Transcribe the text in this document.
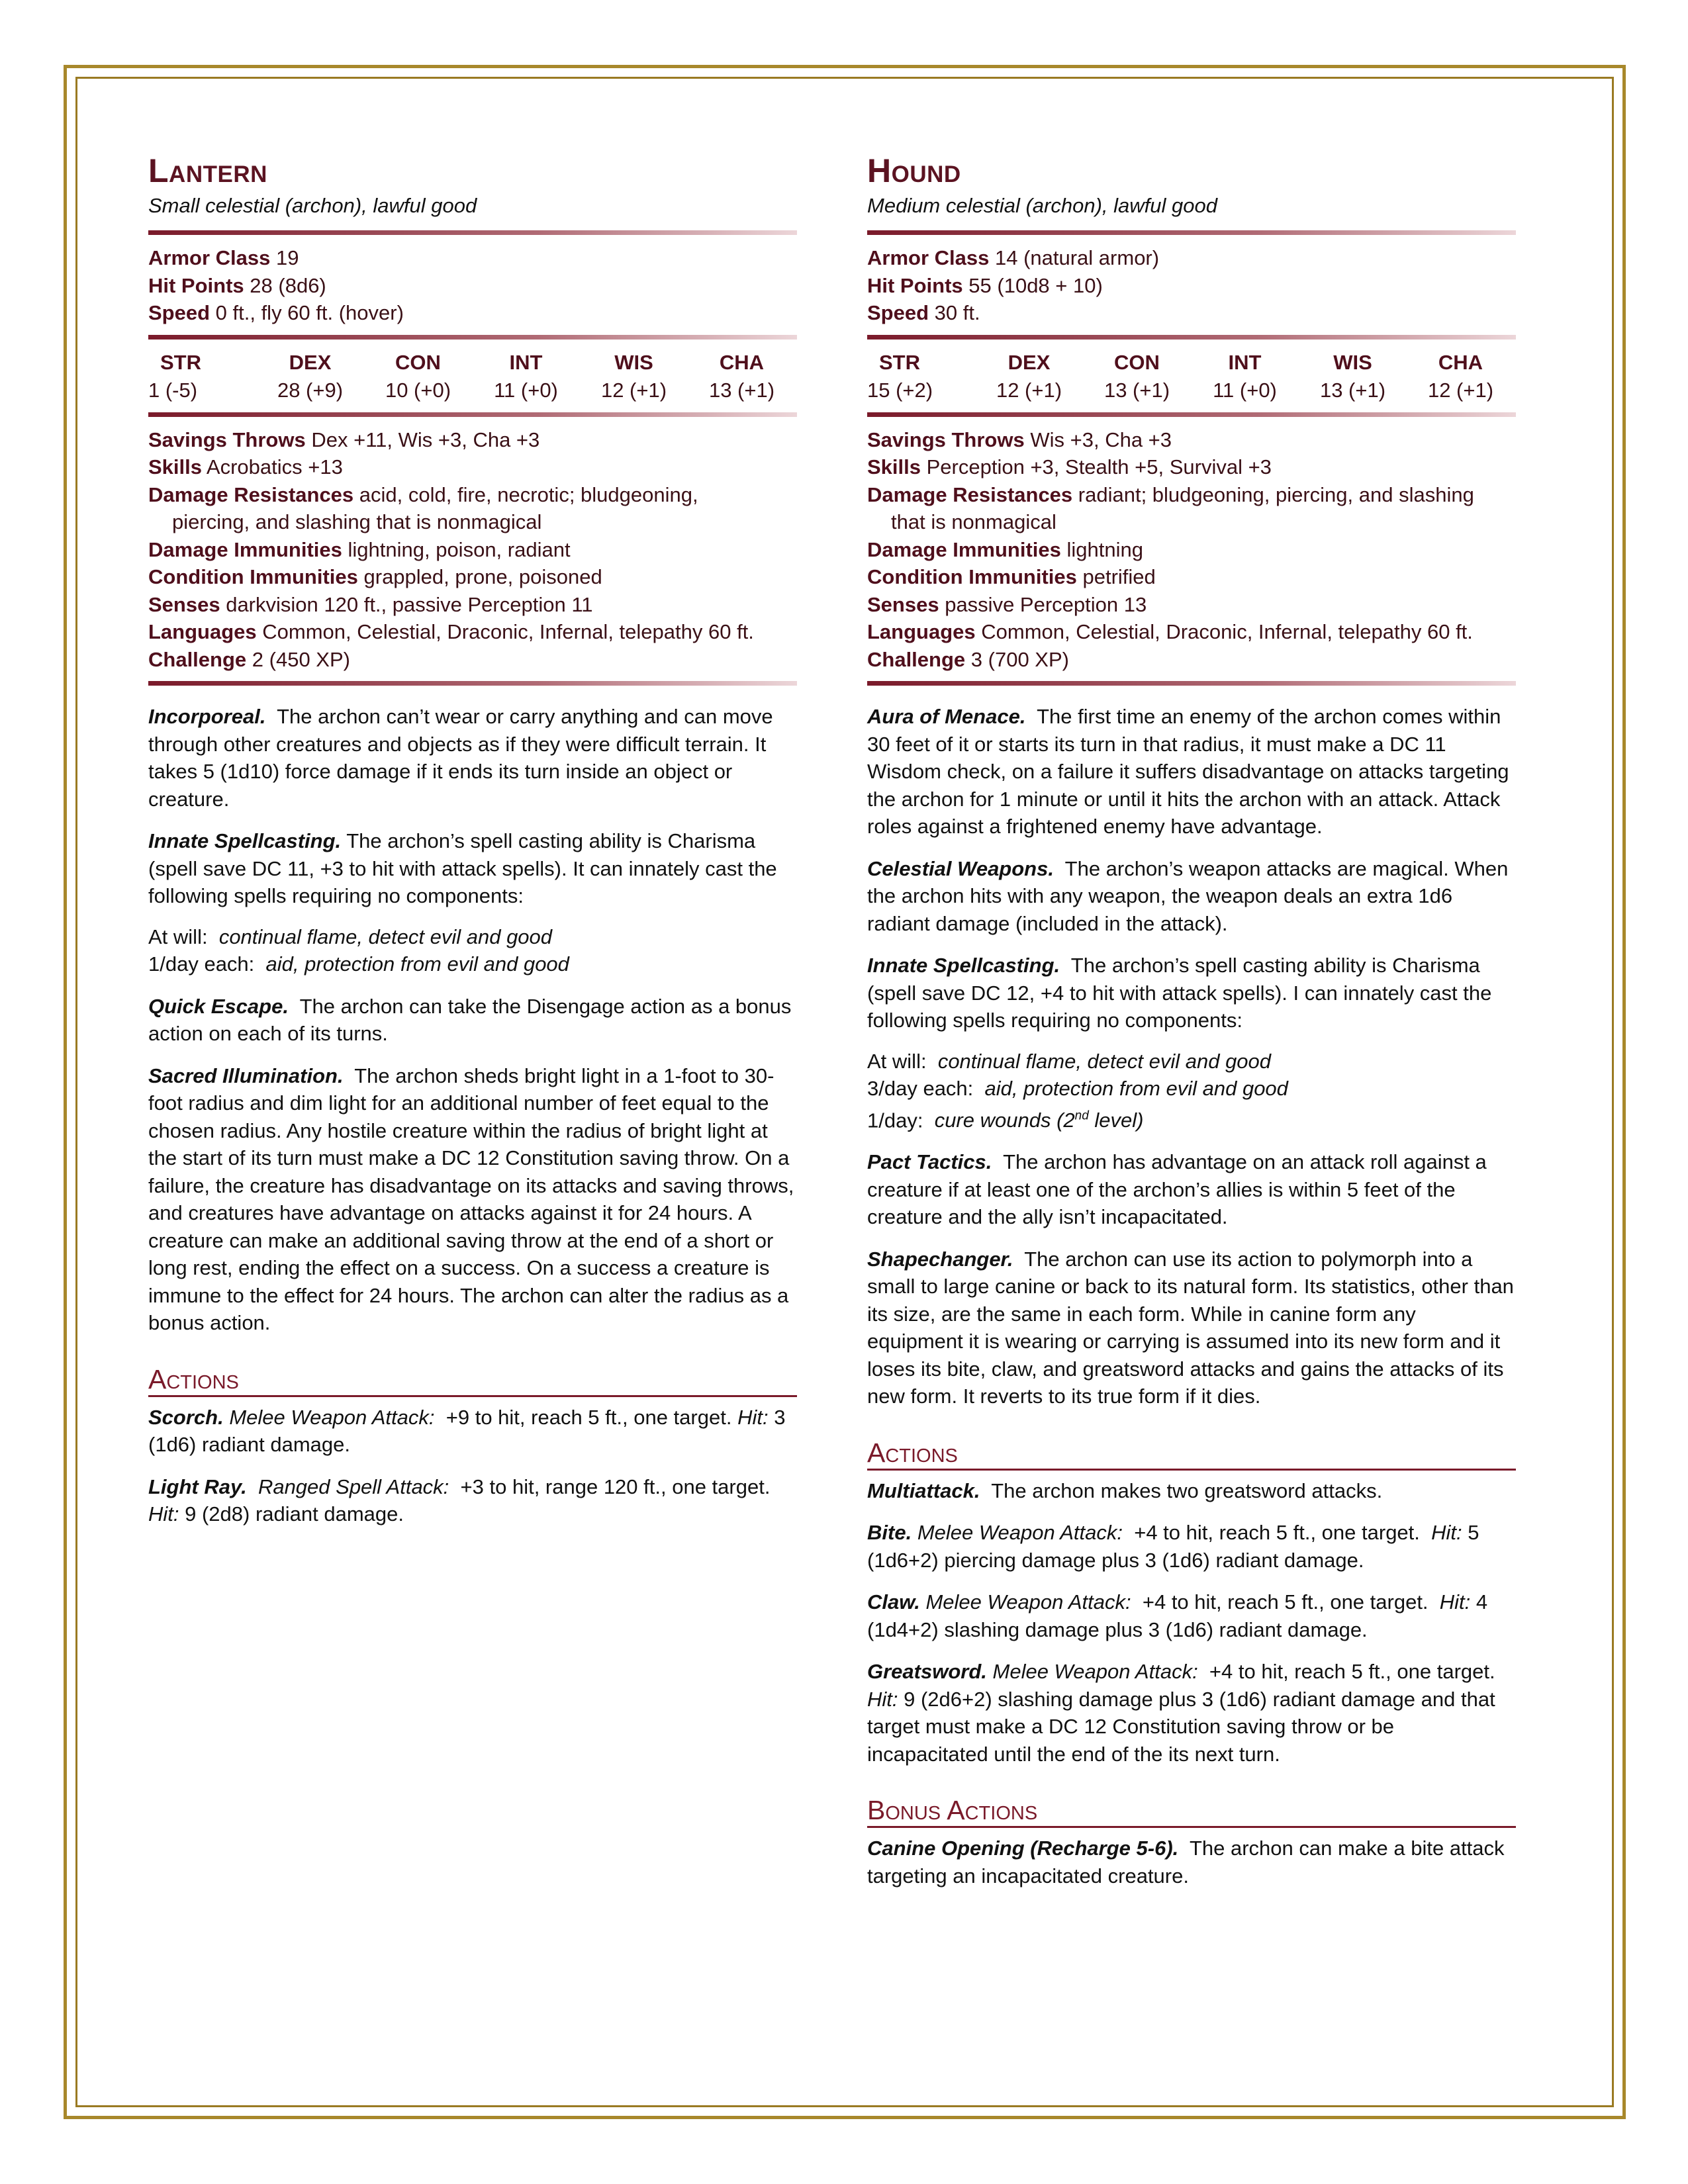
Lantern
Small celestial (archon), lawful good
Armor Class 19
Hit Points 28 (8d6)
Speed 0 ft., fly 60 ft. (hover)
STR
1 (-5)
DEX
28 (+9)
CON
10 (+0)
INT
11 (+0)
WIS
12 (+1)
CHA
13 (+1)
Savings Throws Dex +11, Wis +3, Cha +3
Skills Acrobatics +13
Damage Resistances acid, cold, fire, necrotic; bludgeoning,
piercing, and slashing that is nonmagical
Damage Immunities lightning, poison, radiant
Condition Immunities grappled, prone, poisoned
Senses darkvision 120 ft., passive Perception 11
Languages Common, Celestial, Draconic, Infernal, telepathy 60 ft.
Challenge 2 (450 XP)

Incorporeal. The archon can’t wear or carry anything and can move through other creatures and objects as if they were difficult terrain. It takes 5 (1d10) force damage if it ends its turn inside an object or creature.

Innate Spellcasting. The archon’s spell casting ability is Charisma (spell save DC 11, +3 to hit with attack spells). It can innately cast the following spells requiring no components:

At will: continual flame, detect evil and good
1/day each: aid, protection from evil and good

Quick Escape. The archon can take the Disengage action as a bonus action on each of its turns.

Sacred Illumination. The archon sheds bright light in a 1-foot to 30-foot radius and dim light for an additional number of feet equal to the chosen radius. Any hostile creature within the radius of bright light at the start of its turn must make a DC 12 Constitution saving throw. On a failure, the creature has disadvantage on its attacks and saving throws, and creatures have advantage on attacks against it for 24 hours. A creature can make an additional saving throw at the end of a short or long rest, ending the effect on a success. On a success a creature is immune to the effect for 24 hours. The archon can alter the radius as a bonus action.

Actions

Scorch. Melee Weapon Attack: +9 to hit, reach 5 ft., one target. Hit: 3 (1d6) radiant damage.

Light Ray. Ranged Spell Attack: +3 to hit, range 120 ft., one target.  Hit: 9 (2d8) radiant damage.

Hound
Medium celestial (archon), lawful good
Armor Class 14 (natural armor)
Hit Points 55 (10d8 + 10)
Speed 30 ft.
STR
15 (+2)
DEX
12 (+1)
CON
13 (+1)
INT
11 (+0)
WIS
13 (+1)
CHA
12 (+1)
Savings Throws Wis +3, Cha +3
Skills Perception +3, Stealth +5, Survival +3
Damage Resistances radiant; bludgeoning, piercing, and slashing
that is nonmagical
Damage Immunities lightning
Condition Immunities petrified
Senses passive Perception 13
Languages Common, Celestial, Draconic, Infernal, telepathy 60 ft.
Challenge 3 (700 XP)

Aura of Menace. The first time an enemy of the archon comes within 30 feet of it or starts its turn in that radius, it must make a DC 11 Wisdom check, on a failure it suffers disadvantage on attacks targeting the archon for 1 minute or until it hits the archon with an attack. Attack roles against a frightened enemy have advantage.

Celestial Weapons. The archon’s weapon attacks are magical. When the archon hits with any weapon, the weapon deals an extra 1d6 radiant damage (included in the attack).

Innate Spellcasting. The archon’s spell casting ability is Charisma (spell save DC 12, +4 to hit with attack spells). I can innately cast the following spells requiring no components:

At will: continual flame, detect evil and good
3/day each: aid, protection from evil and good
1/day: cure wounds (2nd level)

Pact Tactics. The archon has advantage on an attack roll against a creature if at least one of the archon’s allies is within 5 feet of the creature and the ally isn’t incapacitated.

Shapechanger. The archon can use its action to polymorph into a small to large canine or back to its natural form. Its statistics, other than its size, are the same in each form. While in canine form any equipment it is wearing or carrying is assumed into its new form and it loses its bite, claw, and greatsword attacks and gains the attacks of its new form. It reverts to its true form if it dies.

Actions

Multiattack. The archon makes two greatsword attacks.

Bite. Melee Weapon Attack: +4 to hit, reach 5 ft., one target. Hit: 5 (1d6+2) piercing damage plus 3 (1d6) radiant damage.

Claw. Melee Weapon Attack: +4 to hit, reach 5 ft., one target. Hit: 4 (1d4+2) slashing damage plus 3 (1d6) radiant damage.

Greatsword. Melee Weapon Attack: +4 to hit, reach 5 ft., one target.  Hit: 9 (2d6+2) slashing damage plus 3 (1d6) radiant damage and that target must make a DC 12 Constitution saving throw or be incapacitated until the end of the its next turn.

Bonus Actions

Canine Opening (Recharge 5-6). The archon can make a bite attack targeting an incapacitated creature.
